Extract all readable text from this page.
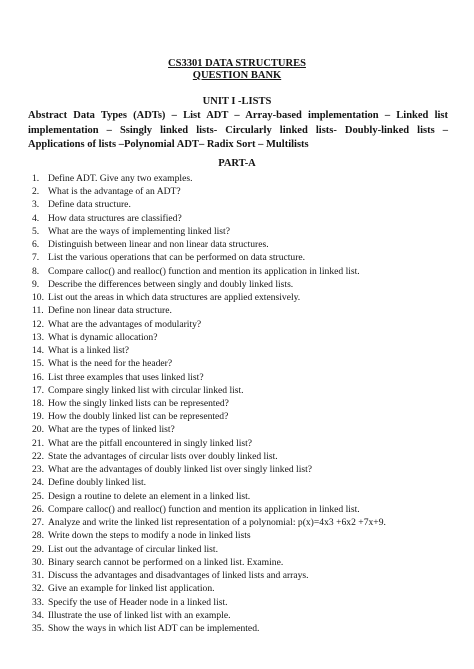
CS3301 DATA STRUCTURES
QUESTION BANK
UNIT I -LISTS
Abstract Data Types (ADTs) – List ADT – Array-based implementation – Linked list implementation – Ssingly linked lists- Circularly linked lists- Doubly-linked lists – Applications of lists –Polynomial ADT– Radix Sort – Multilists
PART-A
1. Define ADT. Give any two examples.
2. What is the advantage of an ADT?
3. Define data structure.
4. How data structures are classified?
5. What are the ways of implementing linked list?
6. Distinguish between linear and non linear data structures.
7. List the various operations that can be performed on data structure.
8. Compare calloc() and realloc() function and mention its application in linked list.
9. Describe the differences between singly and doubly linked lists.
10. List out the areas in which data structures are applied extensively.
11. Define non linear data structure.
12. What are the advantages of modularity?
13. What is dynamic allocation?
14. What is a linked list?
15. What is the need for the header?
16. List three examples that uses linked list?
17. Compare singly linked list with circular linked list.
18. How the singly linked lists can be represented?
19. How the doubly linked list can be represented?
20. What are the types of linked list?
21. What are the pitfall encountered in singly linked list?
22. State the advantages of circular lists over doubly linked list.
23. What are the advantages of doubly linked list over singly linked list?
24. Define doubly linked list.
25. Design a routine to delete an element in a linked list.
26. Compare calloc() and realloc() function and mention its application in linked list.
27. Analyze and write the linked list representation of a polynomial: p(x)=4x3 +6x2 +7x+9.
28. Write down the steps to modify a node in linked lists
29. List out the advantage of circular linked list.
30. Binary search cannot be performed on a linked list. Examine.
31. Discuss the advantages and disadvantages of linked lists and arrays.
32. Give an example for linked list application.
33. Specify the use of Header node in a linked list.
34. Illustrate the use of linked list with an example.
35. Show the ways in which list ADT can be implemented.
